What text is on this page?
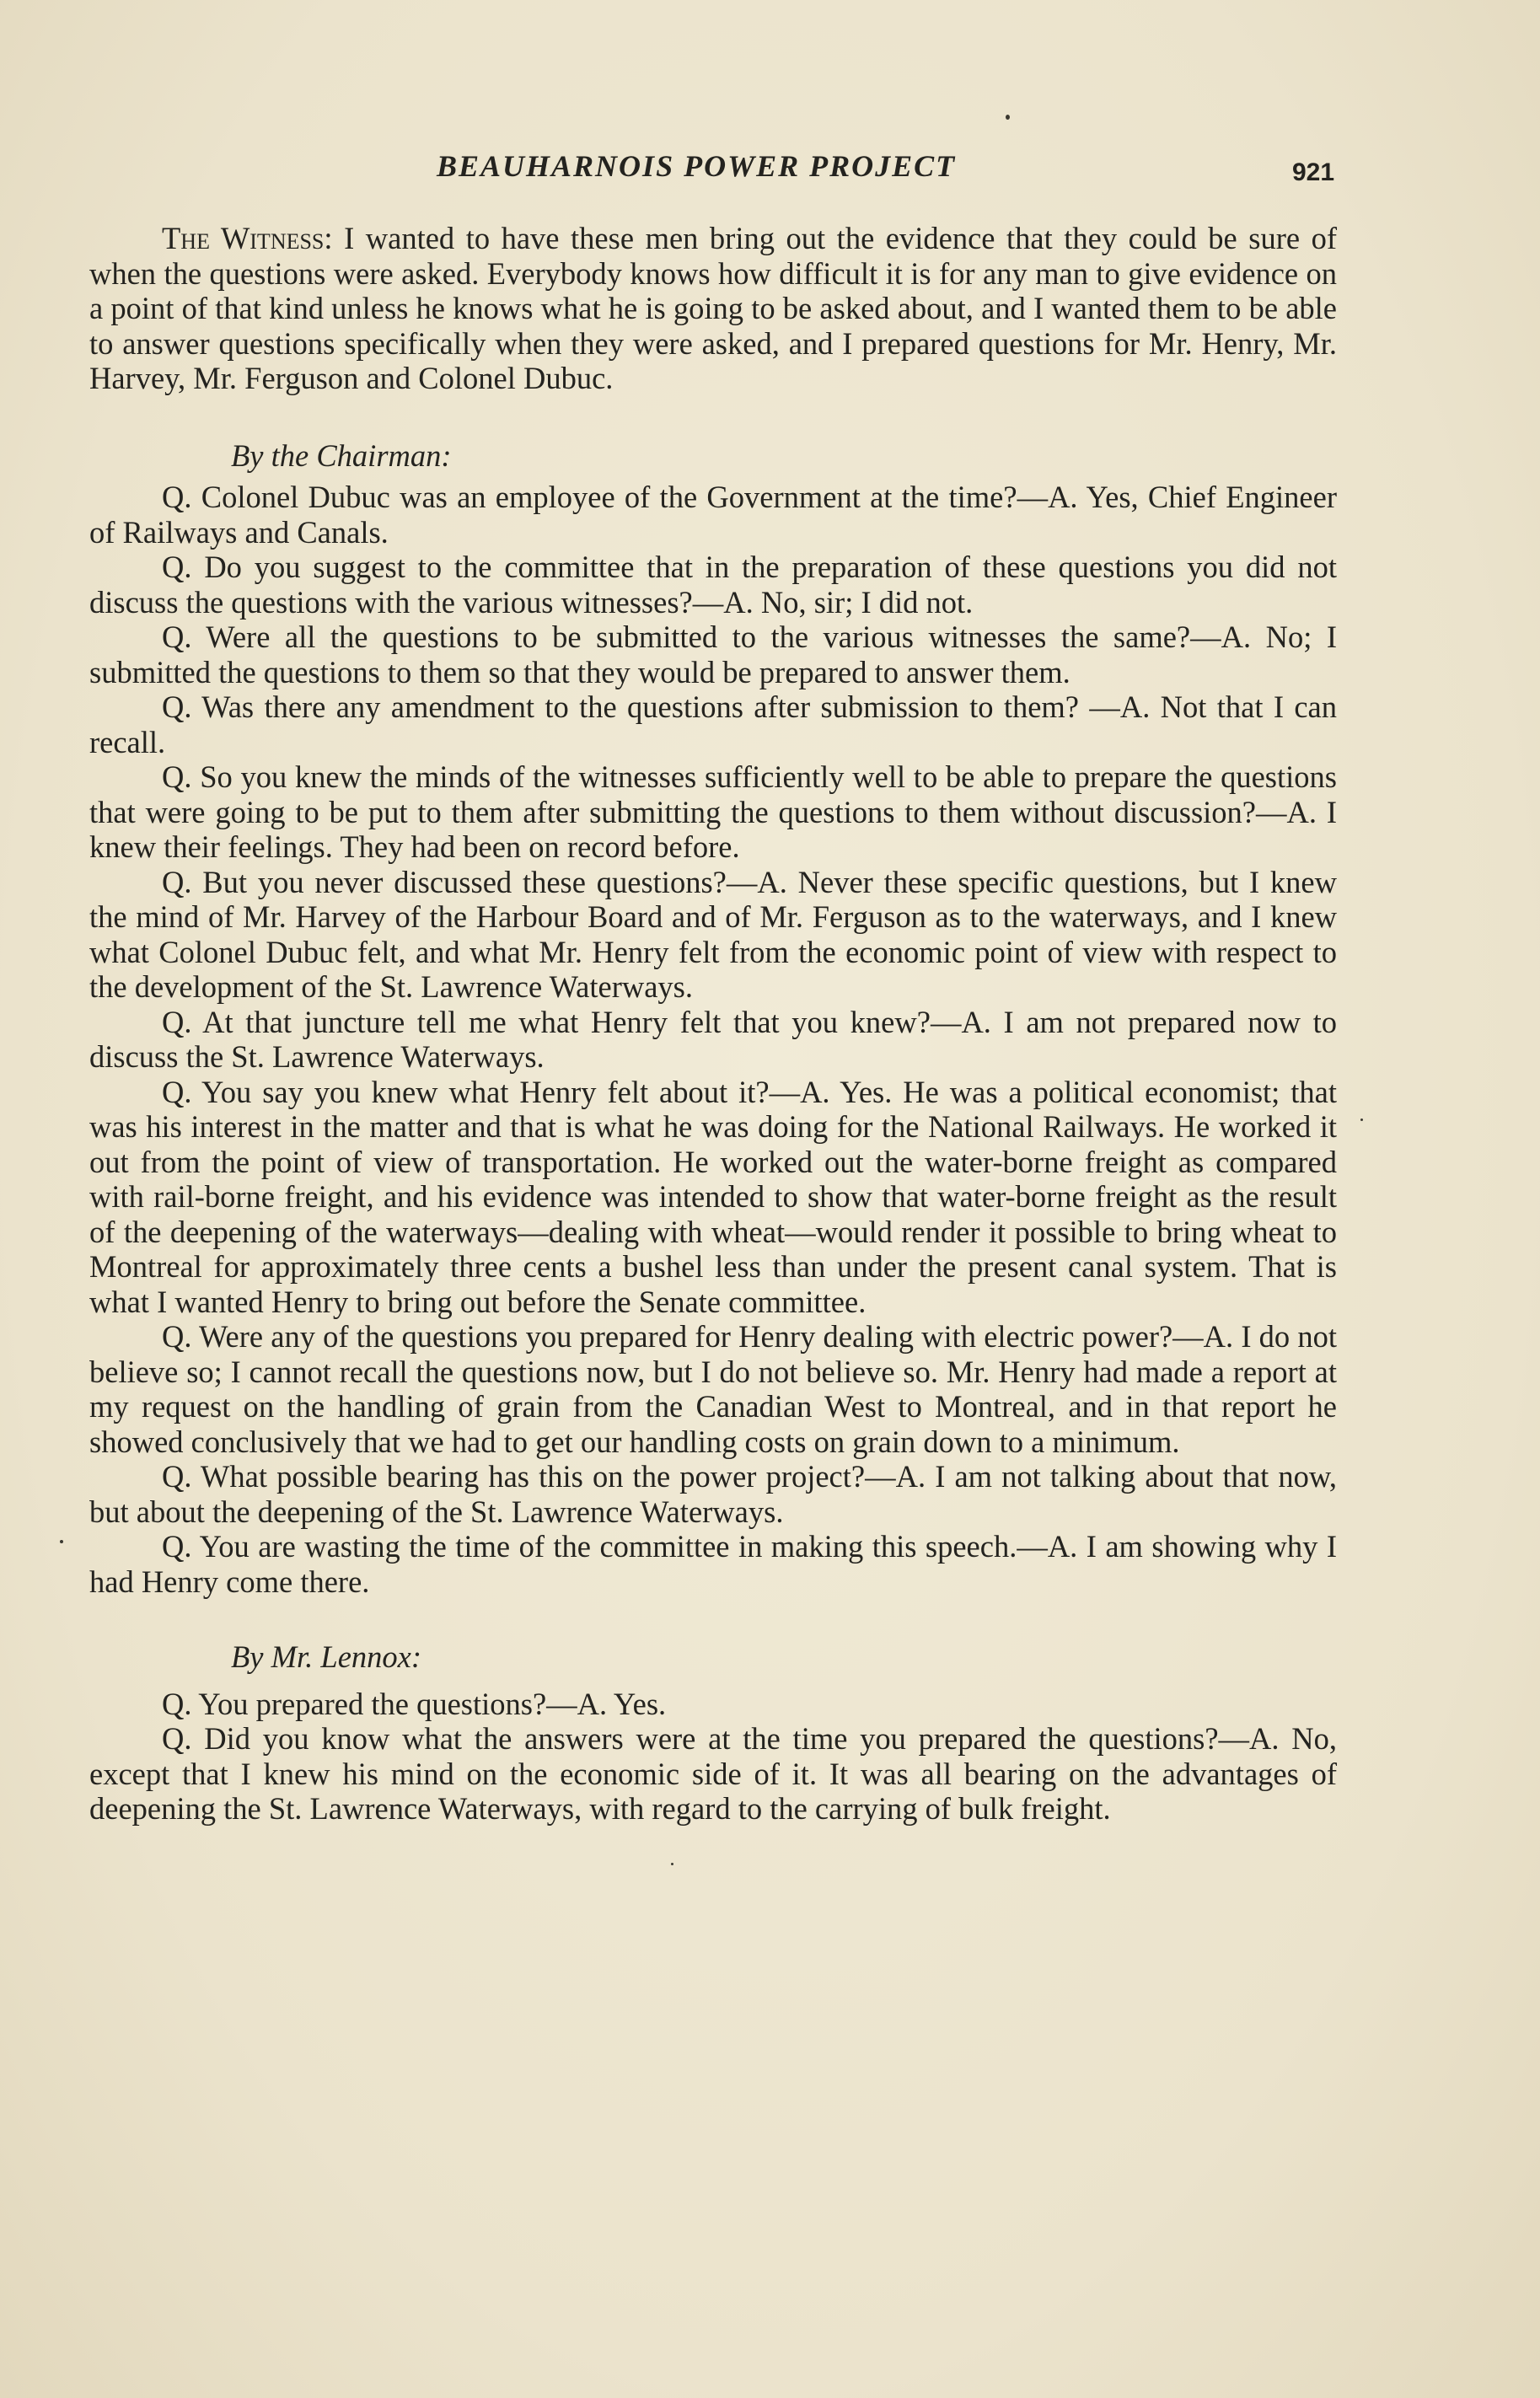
BEAUHARNOIS POWER PROJECT	921

The Witness: I wanted to have these men bring out the evidence that they could be sure of when the questions were asked. Everybody knows how difficult it is for any man to give evidence on a point of that kind unless he knows what he is going to be asked about, and I wanted them to be able to answer questions specifically when they were asked, and I prepared questions for Mr. Henry, Mr. Harvey, Mr. Ferguson and Colonel Dubuc.

By the Chairman:

Q. Colonel Dubuc was an employee of the Government at the time?—A. Yes, Chief Engineer of Railways and Canals.

Q. Do you suggest to the committee that in the preparation of these questions you did not discuss the questions with the various witnesses?—A. No, sir; I did not.

Q. Were all the questions to be submitted to the various witnesses the same?—A. No; I submitted the questions to them so that they would be prepared to answer them.

Q. Was there any amendment to the questions after submission to them? —A. Not that I can recall.

Q. So you knew the minds of the witnesses sufficiently well to be able to prepare the questions that were going to be put to them after submitting the questions to them without discussion?—A. I knew their feelings. They had been on record before.

Q. But you never discussed these questions?—A. Never these specific questions, but I knew the mind of Mr. Harvey of the Harbour Board and of Mr. Ferguson as to the waterways, and I knew what Colonel Dubuc felt, and what Mr. Henry felt from the economic point of view with respect to the development of the St. Lawrence Waterways.

Q. At that juncture tell me what Henry felt that you knew?—A. I am not prepared now to discuss the St. Lawrence Waterways.

Q. You say you knew what Henry felt about it?—A. Yes. He was a political economist; that was his interest in the matter and that is what he was doing for the National Railways. He worked it out from the point of view of transportation. He worked out the water-borne freight as compared with rail-borne freight, and his evidence was intended to show that water-borne freight as the result of the deepening of the waterways—dealing with wheat—would render it possible to bring wheat to Montreal for approximately three cents a bushel less than under the present canal system. That is what I wanted Henry to bring out before the Senate committee.

Q. Were any of the questions you prepared for Henry dealing with electric power?—A. I do not believe so; I cannot recall the questions now, but I do not believe so. Mr. Henry had made a report at my request on the handling of grain from the Canadian West to Montreal, and in that report he showed conclusively that we had to get our handling costs on grain down to a minimum.

Q. What possible bearing has this on the power project?—A. I am not talking about that now, but about the deepening of the St. Lawrence Waterways.

Q. You are wasting the time of the committee in making this speech.—A. I am showing why I had Henry come there.

By Mr. Lennox:

Q. You prepared the questions?—A. Yes.

Q. Did you know what the answers were at the time you prepared the questions?—A. No, except that I knew his mind on the economic side of it. It was all bearing on the advantages of deepening the St. Lawrence Waterways, with regard to the carrying of bulk freight.
